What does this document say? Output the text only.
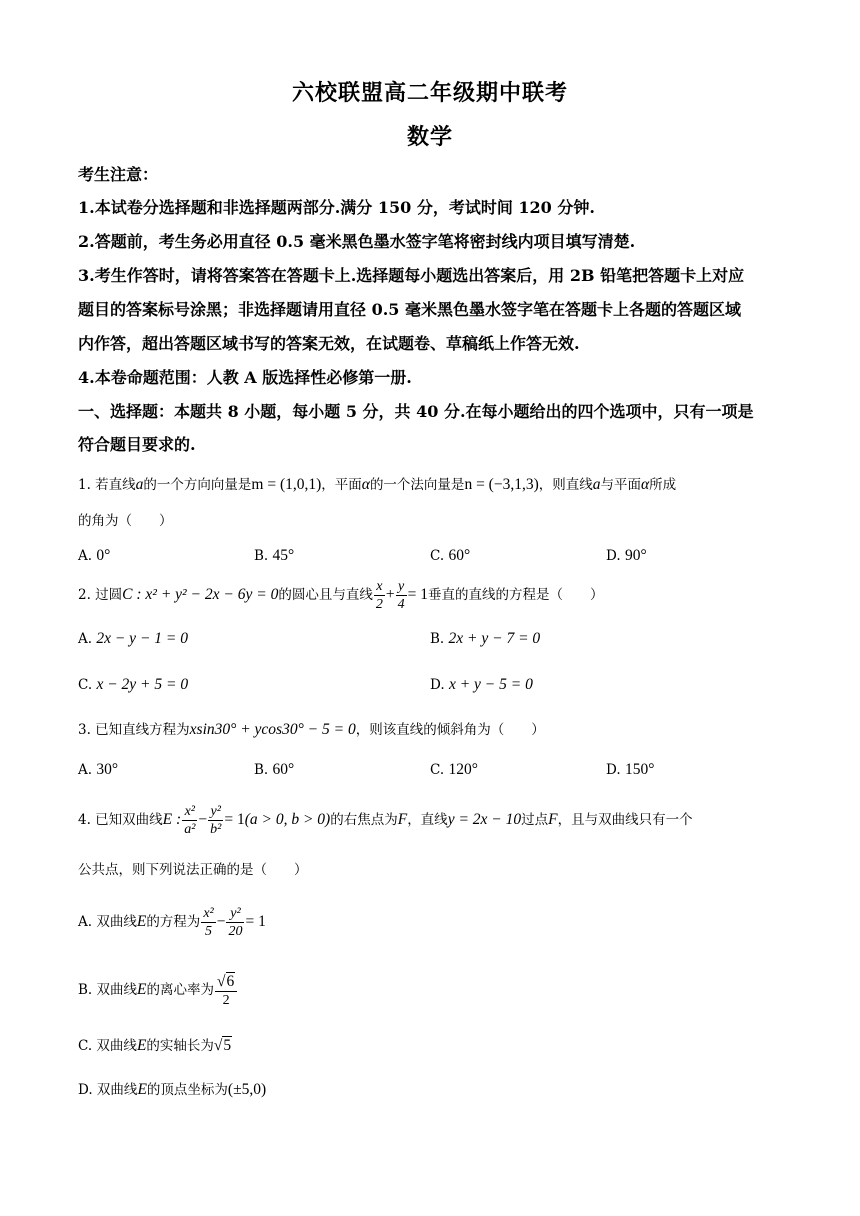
六校联盟高二年级期中联考
数学
考生注意：
1.本试卷分选择题和非选择题两部分.满分 150 分，考试时间 120 分钟.
2.答题前，考生务必用直径 0.5 毫米黑色墨水签字笔将密封线内项目填写清楚.
3.考生作答时，请将答案答在答题卡上.选择题每小题选出答案后，用 2B 铅笔把答题卡上对应
题目的答案标号涂黑；非选择题请用直径 0.5 毫米黑色墨水签字笔在答题卡上各题的答题区域
内作答，超出答题区域书写的答案无效，在试题卷、草稿纸上作答无效.
4.本卷命题范围：人教 A 版选择性必修第一册.
一、选择题：本题共 8 小题，每小题 5 分，共 40 分.在每小题给出的四个选项中，只有一项是
符合题目要求的.
1. 若直线a的一个方向向量是m = (1,0,1)，平面α的一个法向量是n = (−3,1,3)，则直线a与平面α所成
的角为（　　）
A. 0°	B. 45°	C. 60°	D. 90°
2. 过圆C : x² + y² − 2x − 6y = 0的圆心且与直线 $\frac{x}{2} + \frac{y}{4} = 1$垂直的直线的方程是（　　）
A. 2x − y − 1 = 0	B. 2x + y − 7 = 0
C. x − 2y + 5 = 0	D. x + y − 5 = 0
3. 已知直线方程为xsin30° + ycos30° − 5 = 0，则该直线的倾斜角为（　　）
A. 30°	B. 60°	C. 120°	D. 150°
4. 已知双曲线E : $\frac{\text{x²}}{\text{a²}} - \frac{\text{y²}}{\text{b²}} = 1(a > 0$, b > 0)的右焦点为F，直线y = 2x − 10过点F，且与双曲线只有一个
公共点，则下列说法正确的是（　　）
A. 双曲线E的方程为 $\frac{\text{x²}}{5} - \frac{\text{y²}}{20} = 1$
B. 双曲线E的离心率为 $\frac{√6}{2}$
C. 双曲线E的实轴长为√5
D. 双曲线E的顶点坐标为(±5,0)
